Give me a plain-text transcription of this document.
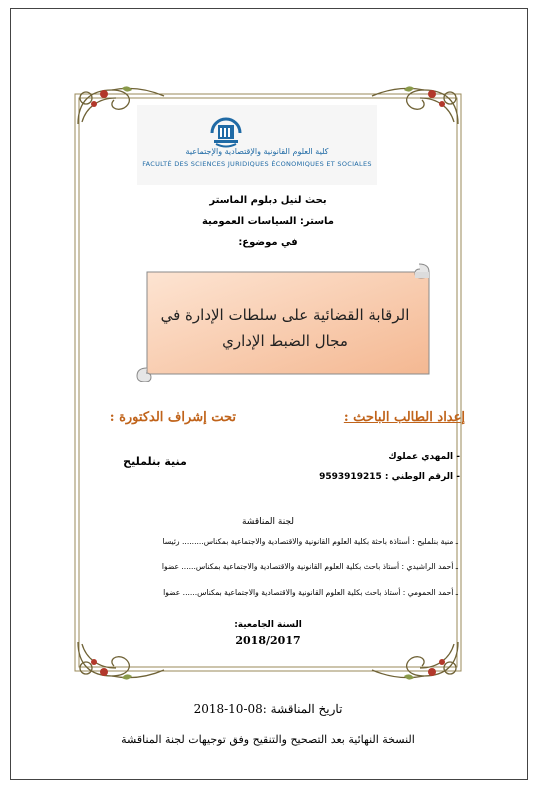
كلية العلوم القانونية والإقتصادية والإجتماعية
FACULTÉ DES SCIENCES JURIDIQUES ÉCONOMIQUES ET SOCIALES
بحث لنيل دبلوم الماستر
ماستر: السياسات العمومية
في موضوع:
الرقابة القضائية على سلطات الإدارة في
مجال الضبط الإداري
إعداد الطالب الباحث :
تحت إشراف الدكتورة :
- المهدي عملوك
- الرقم الوطني : 9593919215
منية بنلمليح
لجنة المناقشة
ـ منية بنلمليح : أستاذة باحثة بكلية العلوم القانونية والاقتصادية والاجتماعية بمكناس......... رئيسا
ـ أحمد الراشيدي : أستاذ باحث بكلية العلوم القانونية والاقتصادية والاجتماعية بمكناس...... عضوا
ـ أحمد الحمومي : أستاذ باحث بكلية العلوم القانونية والاقتصادية والاجتماعية بمكناس...... عضوا
السنة الجامعية:
2018/2017
تاريخ المناقشة :08-10-2018
النسخة النهائية بعد التصحيح والتنقيح وفق توجيهات لجنة المناقشة
